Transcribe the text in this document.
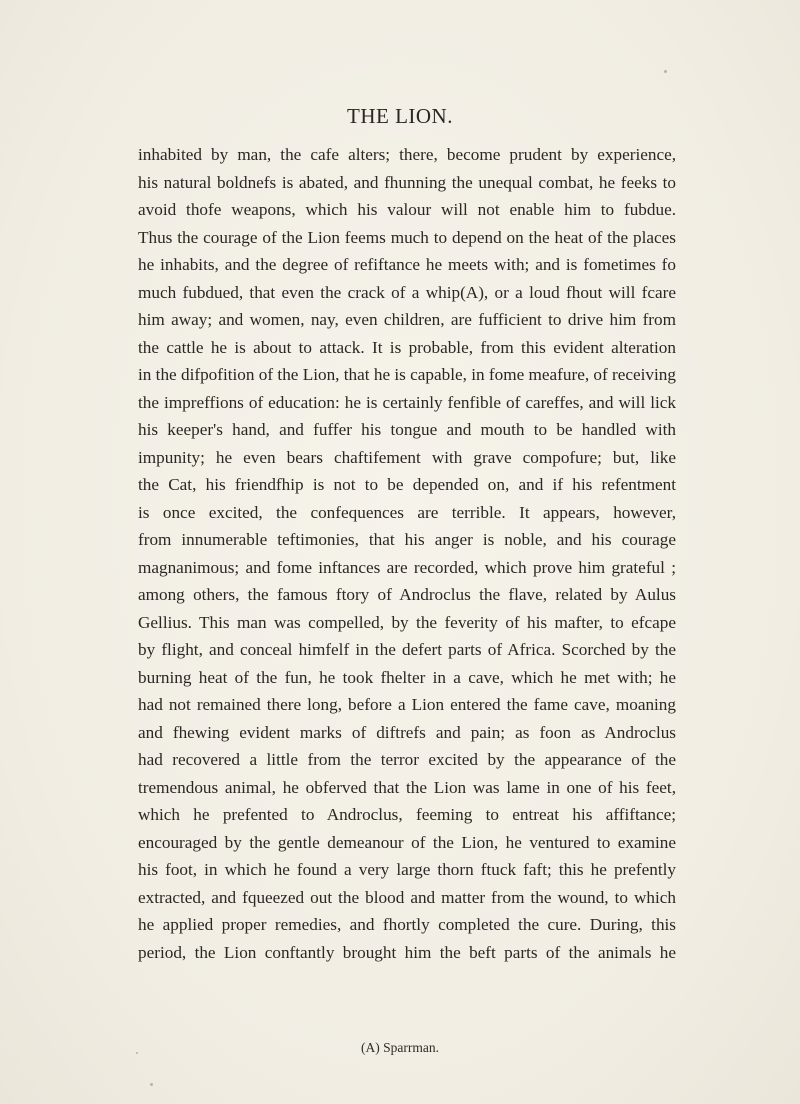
THE LION.
inhabited by man, the cafe alters; there, become prudent by experience,
his natural boldnefs is abated, and fhunning the unequal combat, he feeks to
avoid thofe weapons, which his valour will not enable him to fubdue.
Thus the courage of the Lion feems much to depend on the heat of the places
he inhabits, and the degree of refiftance he meets with; and is fometimes fo
much fubdued, that even the crack of a whip(A), or a loud fhout will fcare
him away; and women, nay, even children, are fufficient to drive him from
the cattle he is about to attack. It is probable, from this evident alteration
in the difpofition of the Lion, that he is capable, in fome meafure, of receiving
the impreffions of education: he is certainly fenfible of careffes, and will lick
his keeper's hand, and fuffer his tongue and mouth to be handled with
impunity; he even bears chaftifement with grave compofure; but, like
the Cat, his friendfhip is not to be depended on, and if his refentment
is once excited, the confequences are terrible. It appears, however,
from innumerable teftimonies, that his anger is noble, and his courage
magnanimous; and fome inftances are recorded, which prove him grateful ;
among others, the famous ftory of Androclus the flave, related by Aulus
Gellius. This man was compelled, by the feverity of his mafter, to efcape
by flight, and conceal himfelf in the defert parts of Africa. Scorched by the
burning heat of the fun, he took fhelter in a cave, which he met with; he
had not remained there long, before a Lion entered the fame cave, moaning
and fhewing evident marks of diftrefs and pain; as foon as Androclus
had recovered a little from the terror excited by the appearance of the
tremendous animal, he obferved that the Lion was lame in one of his feet,
which he prefented to Androclus, feeming to entreat his affiftance;
encouraged by the gentle demeanour of the Lion, he ventured to examine
his foot, in which he found a very large thorn ftuck faft; this he prefently
extracted, and fqueezed out the blood and matter from the wound, to which
he applied proper remedies, and fhortly completed the cure. During, this
period, the Lion conftantly brought him the beft parts of the animals he
(A) Sparrman.
